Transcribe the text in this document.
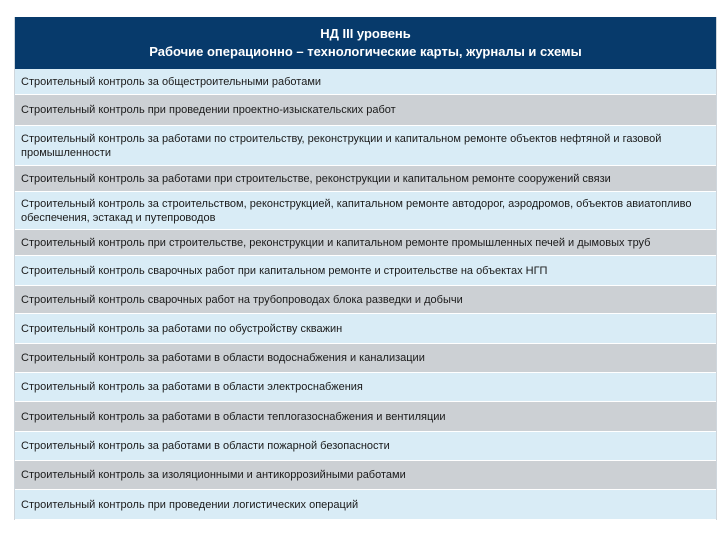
НД III уровень
Рабочие операционно – технологические карты, журналы и схемы
Строительный контроль за общестроительными работами
Строительный контроль при проведении проектно-изыскательских работ
Строительный контроль за работами по строительству, реконструкции и капитальном ремонте объектов нефтяной и газовой промышленности
Строительный контроль за работами при строительстве, реконструкции и капитальном ремонте сооружений связи
Строительный контроль за строительством, реконструкцией, капитальном ремонте автодорог, аэродромов, объектов авиатопливо обеспечения, эстакад и путепроводов
Строительный контроль при строительстве, реконструкции и капитальном ремонте промышленных печей и дымовых труб
Строительный контроль сварочных работ при капитальном ремонте и строительстве на объектах НГП
Строительный контроль сварочных работ на трубопроводах блока разведки и добычи
Строительный контроль за работами по обустройству скважин
Строительный контроль за работами в области водоснабжения и канализации
Строительный контроль за работами в области электроснабжения
Строительный контроль за работами в области теплогазоснабжения и вентиляции
Строительный контроль за работами в области пожарной безопасности
Строительный контроль за изоляционными и антикоррозийными работами
Строительный контроль при проведении логистических операций
